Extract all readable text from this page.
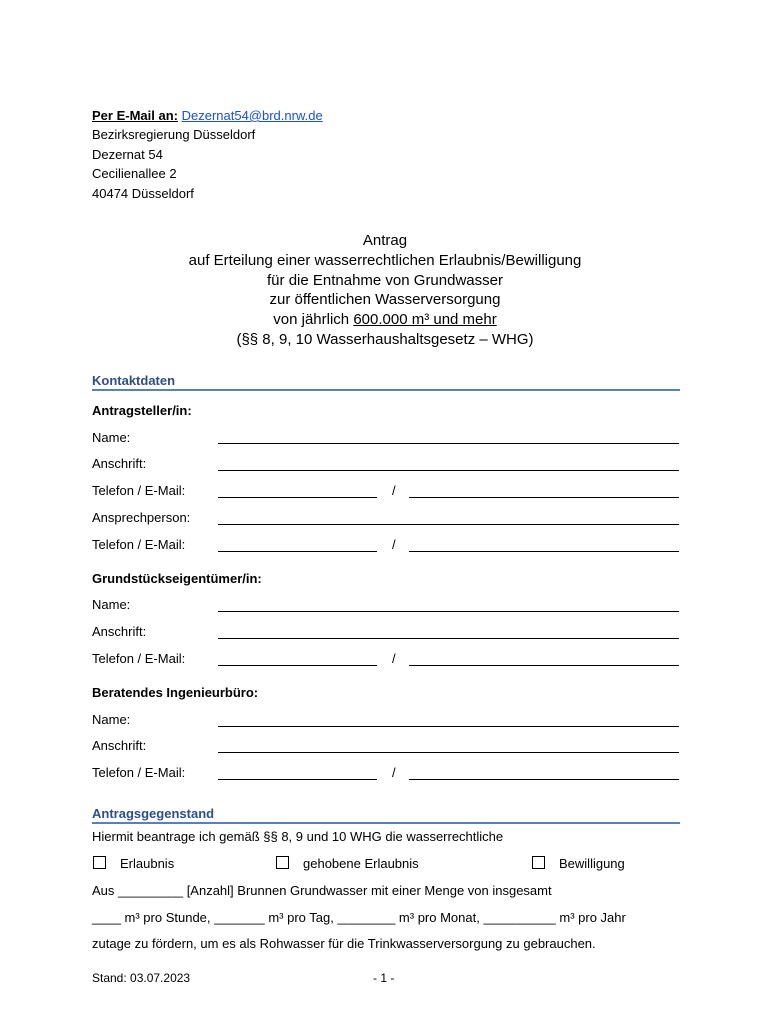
Per E-Mail an: Dezernat54@brd.nrw.de
Bezirksregierung Düsseldorf
Dezernat 54
Cecilienallee 2
40474 Düsseldorf
Antrag
auf Erteilung einer wasserrechtlichen Erlaubnis/Bewilligung
für die Entnahme von Grundwasser
zur öffentlichen Wasserversorgung
von jährlich 600.000 m³ und mehr
(§§ 8, 9, 10 Wasserhaushaltsgesetz – WHG)
Kontaktdaten
Antragsteller/in:
Name:
Anschrift:
Telefon / E-Mail:	/
Ansprechperson:
Telefon / E-Mail:	/
Grundstückseigentümer/in:
Name:
Anschrift:
Telefon / E-Mail:	/
Beratendes Ingenieurbüro:
Name:
Anschrift:
Telefon / E-Mail:	/
Antragsgegenstand
Hiermit beantrage ich gemäß §§ 8, 9 und 10 WHG die wasserrechtliche
Erlaubnis	gehobene Erlaubnis	Bewilligung
Aus _________ [Anzahl] Brunnen Grundwasser mit einer Menge von insgesamt
____ m³ pro Stunde, _______ m³ pro Tag, ________ m³ pro Monat, __________ m³ pro Jahr
zutage zu fördern, um es als Rohwasser für die Trinkwasserversorgung zu gebrauchen.
Stand: 03.07.2023	- 1 -
